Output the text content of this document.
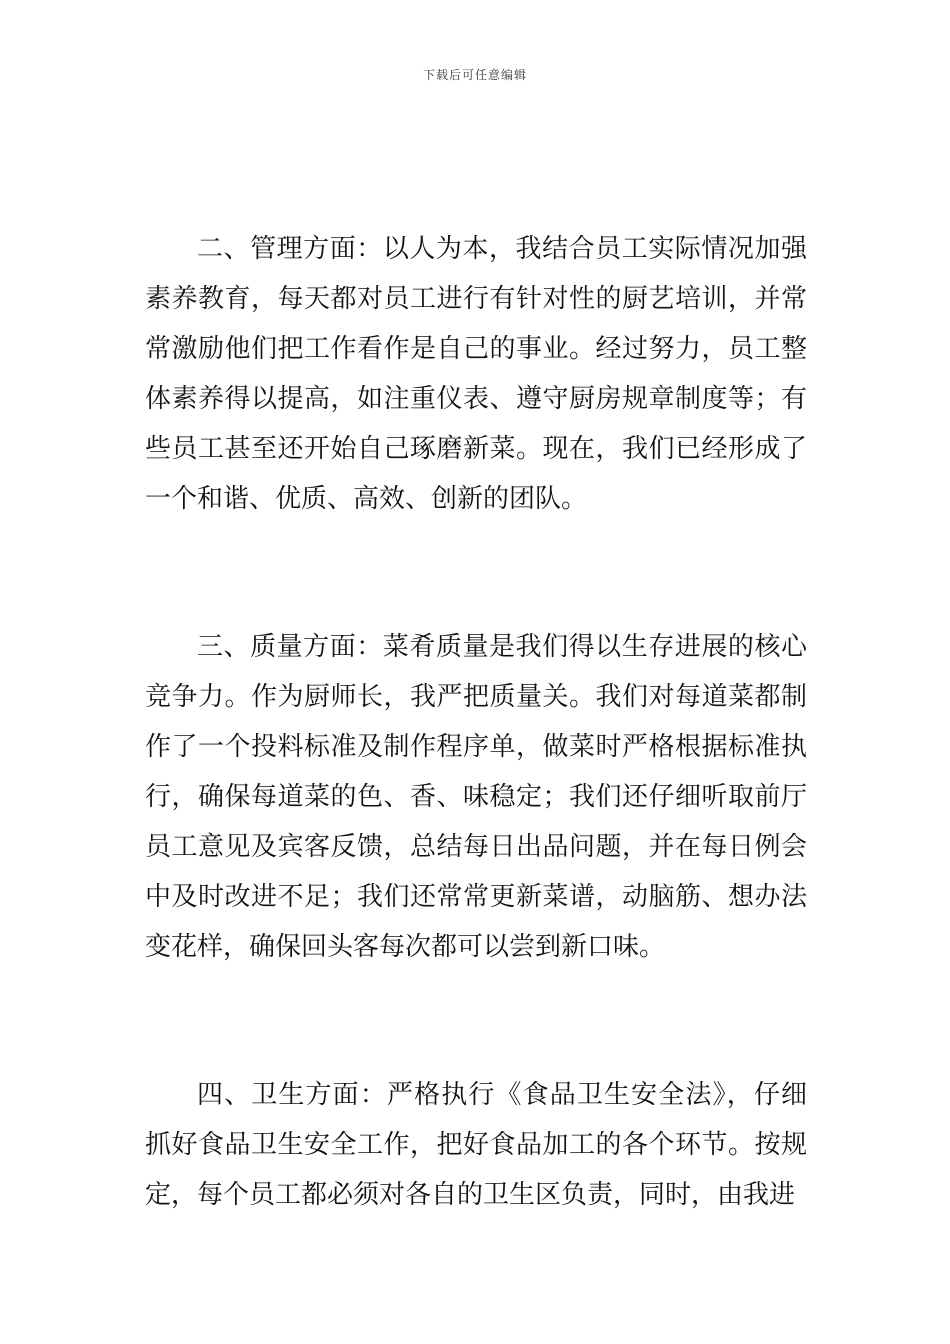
下载后可任意编辑

二、管理方面：以人为本，我结合员工实际情况加强素养教育，每天都对员工进行有针对性的厨艺培训，并常常激励他们把工作看作是自己的事业。经过努力，员工整体素养得以提高，如注重仪表、遵守厨房规章制度等；有些员工甚至还开始自己琢磨新菜。现在，我们已经形成了一个和谐、优质、高效、创新的团队。

三、质量方面：菜肴质量是我们得以生存进展的核心竞争力。作为厨师长，我严把质量关。我们对每道菜都制作了一个投料标准及制作程序单，做菜时严格根据标准执行，确保每道菜的色、香、味稳定；我们还仔细听取前厅员工意见及宾客反馈，总结每日出品问题，并在每日例会中及时改进不足；我们还常常更新菜谱，动脑筋、想办法变花样，确保回头客每次都可以尝到新口味。

四、卫生方面：严格执行《食品卫生安全法》，仔细抓好食品卫生安全工作，把好食品加工的各个环节。按规定，每个员工都必须对各自的卫生区负责，同时，由我进
